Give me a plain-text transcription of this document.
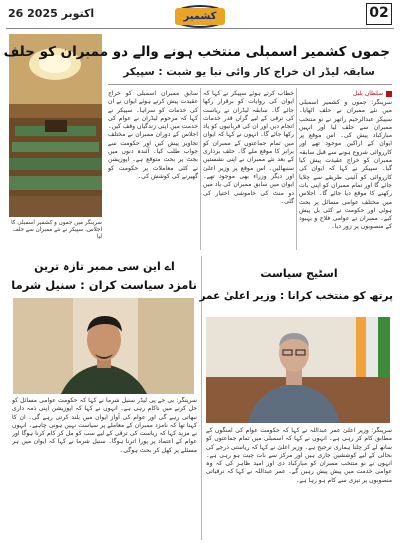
26 اکتوبر 2025	کشمیر	02
سرینگر میں جموں و کشمیر اسمبلی کا اجلاس، سپیکر نے نئے ممبران سے حلف لیا
جموں کشمیر اسمبلی منتخب ہونے والے دو ممبران کو حلف
سابقہ لیڈر ان خراج کار وائی نبا یو شبت : سپیکر
سلطان بلبل
سرینگر: جموں و کشمیر اسمبلی میں نئے ممبران نے حلف اٹھایا۔ سپیکر عبدالرحیم راتھر نے نو منتخب ممبران سے حلف لیا اور انہیں مبارکباد پیش کی۔ اس موقع پر ایوان کے اراکین موجود تھے اور کارروائی شروع ہونے سے قبل سابقہ ممبران کو خراج عقیدت پیش کیا گیا۔ سپیکر نے کہا کہ ایوان کی کارروائی کو آئینی طریقے سے چلایا جائے گا اور تمام ممبران کو اپنی بات رکھنے کا موقع دیا جائے گا۔ اجلاس میں مختلف عوامی مسائل پر بحث ہوئی اور حکومت نے کئی بل پیش کیے۔ ممبران نے عوامی فلاح و بہبود کے منصوبوں پر زور دیا۔
خطاب کرتے ہوئے سپیکر نے کہا کہ ایوان کی روایات کو برقرار رکھا جائے گا۔ سابقہ لیڈران نے ریاست کی ترقی کے لیے گراں قدر خدمات انجام دیں اور ان کی قربانیوں کو یاد رکھا جائے گا۔ انہوں نے کہا کہ ایوان میں تمام جماعتوں کے ممبران کو برابر کا موقع ملے گا۔ حلف برداری کے بعد نئے ممبران نے اپنی نشستیں سنبھالیں۔ اس موقع پر وزیر اعلیٰ اور دیگر وزراء بھی موجود تھے۔ ایوان میں سابق ممبران کی یاد میں دو منٹ کی خاموشی اختیار کی گئی۔
سابق ممبران اسمبلی کو خراج عقیدت پیش کرتے ہوئے ایوان نے ان کی خدمات کو سراہا۔ سپیکر نے کہا کہ مرحوم لیڈران نے عوام کی خدمت میں اپنی زندگیاں وقف کیں۔ اجلاس کے دوران ممبران نے مختلف تجاویز پیش کیں اور حکومت سے جواب طلب کیا۔ آئندہ دنوں میں بجٹ پر بحث متوقع ہے۔ اپوزیشن نے کئی معاملات پر حکومت کو گھیرنے کی کوشش کی۔
اے این سی ممبر تازہ ترین
نامزد سیاست کران : سنیل شرما
سرینگر: بی جے پی لیڈر سنیل شرما نے کہا کہ حکومت عوامی مسائل کو حل کرنے میں ناکام رہی ہے۔ انہوں نے کہا کہ اپوزیشن اپنی ذمہ داری نبھاتی رہے گی اور عوام کی آواز ایوان میں بلند کرتی رہے گی۔ ان کا کہنا تھا کہ نامزد ممبران کے معاملے پر سیاست نہیں ہونی چاہیے۔ انہوں نے مزید کہا کہ ریاست کی ترقی کے لیے سب کو مل کر کام کرنا ہوگا اور عوام کے اعتماد پر پورا اترنا ہوگا۔ سنیل شرما نے کہا کہ ایوان میں ہر مسئلے پر کھل کر بحث ہوگی۔
اسٹیج سیاست
پرتھ کو منتخب کرانا : وزیر اعلیٰ عمر
سرینگر: وزیر اعلیٰ عمر عبداللہ نے کہا کہ حکومت عوام کی امنگوں کے مطابق کام کر رہی ہے۔ انہوں نے کہا کہ اسمبلی میں تمام جماعتوں کو ساتھ لے کر چلنا ہماری ترجیح ہے۔ وزیر اعلیٰ نے کہا کہ ریاستی درجے کی بحالی کے لیے کوششیں جاری ہیں اور مرکز سے بات چیت ہو رہی ہے۔ انہوں نے نو منتخب ممبران کو مبارکباد دی اور امید ظاہر کی کہ وہ عوامی خدمت میں پیش پیش رہیں گے۔ عمر عبداللہ نے کہا کہ ترقیاتی منصوبوں پر تیزی سے کام ہو رہا ہے۔
